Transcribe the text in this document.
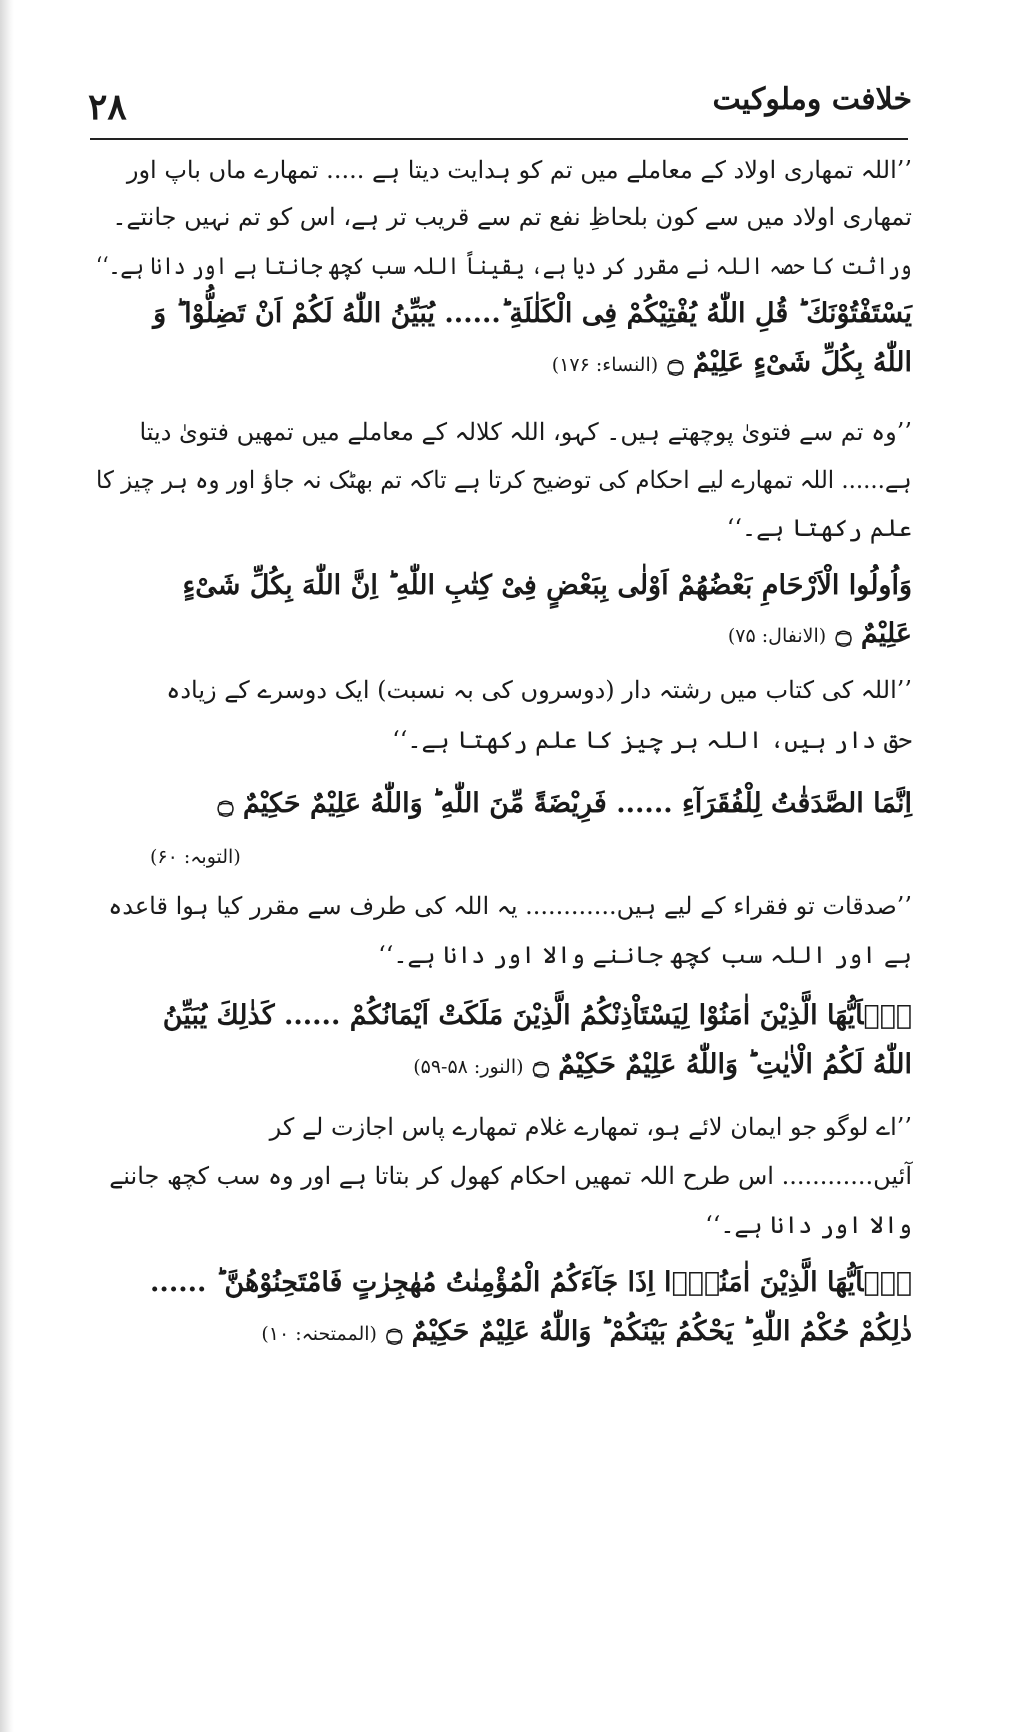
۲۸	خلافت وملوکیت
’’اللہ تمھاری اولاد کے معاملے میں تم کو ہدایت دیتا ہے ..... تمھارے ماں باپ اور
تمھاری اولاد میں سے کون بلحاظِ نفع تم سے قریب تر ہے، اس کو تم نہیں جانتے۔
وراثت کا حصہ اللہ نے مقرر کر دیا ہے، یقیناً اللہ سب کچھ جانتا ہے اور دانا ہے۔‘‘
یَسْتَفْتُوْنَكَ ؕ قُلِ اللّٰهُ یُفْتِیْكُمْ فِی الْكَلٰلَةِ ؕ...... یُبَیِّنُ اللّٰهُ لَكُمْ اَنْ تَضِلُّوْا ؕ وَ
اللّٰهُ بِكُلِّ شَیْءٍ عَلِیْمٌ ۝ (النساء: ۱۷۶)
’’وہ تم سے فتویٰ پوچھتے ہیں۔ کہو، اللہ کلالہ کے معاملے میں تمھیں فتویٰ دیتا
ہے...... اللہ تمھارے لیے احکام کی توضیح کرتا ہے تاکہ تم بھٹک نہ جاؤ اور وہ ہر چیز کا
علم رکھتا ہے۔‘‘
وَاُولُوا الْاَرْحَامِ بَعْضُهُمْ اَوْلٰی بِبَعْضٍ فِیْ كِتٰبِ اللّٰهِ ؕ اِنَّ اللّٰهَ بِكُلِّ شَیْءٍ
عَلِیْمٌ ۝ (الانفال: ۷۵)
’’اللہ کی کتاب میں رشتہ دار (دوسروں کی بہ نسبت) ایک دوسرے کے زیادہ
حق دار ہیں، اللہ ہر چیز کا علم رکھتا ہے۔‘‘
اِنَّمَا الصَّدَقٰتُ لِلْفُقَرَآءِ ...... فَرِیْضَةً مِّنَ اللّٰهِ ؕ وَاللّٰهُ عَلِیْمٌ حَكِیْمٌ ۝
(التوبہ: ۶۰)
’’صدقات تو فقراء کے لیے ہیں............ یہ اللہ کی طرف سے مقرر کیا ہوا قاعدہ
ہے اور اللہ سب کچھ جاننے والا اور دانا ہے۔‘‘
یٰۤاَیُّهَا الَّذِیْنَ اٰمَنُوْا لِیَسْتَاْذِنْكُمُ الَّذِیْنَ مَلَكَتْ اَیْمَانُكُمْ ...... كَذٰلِكَ یُبَیِّنُ
اللّٰهُ لَكُمُ الْاٰیٰتِ ؕ وَاللّٰهُ عَلِیْمٌ حَكِیْمٌ ۝ (النور: ۵۸-۵۹)
’’اے لوگو جو ایمان لائے ہو، تمھارے غلام تمھارے پاس اجازت لے کر
آئیں............ اس طرح اللہ تمھیں احکام کھول کر بتاتا ہے اور وہ سب کچھ جاننے
والا اور دانا ہے۔‘‘
یٰۤاَیُّهَا الَّذِیْنَ اٰمَنُوْۤا اِذَا جَآءَكُمُ الْمُؤْمِنٰتُ مُهٰجِرٰتٍ فَامْتَحِنُوْهُنَّ ؕ ......
ذٰلِكُمْ حُكْمُ اللّٰهِ ؕ یَحْكُمُ بَیْنَكُمْ ؕ وَاللّٰهُ عَلِیْمٌ حَكِیْمٌ ۝ (الممتحنہ: ۱۰)
